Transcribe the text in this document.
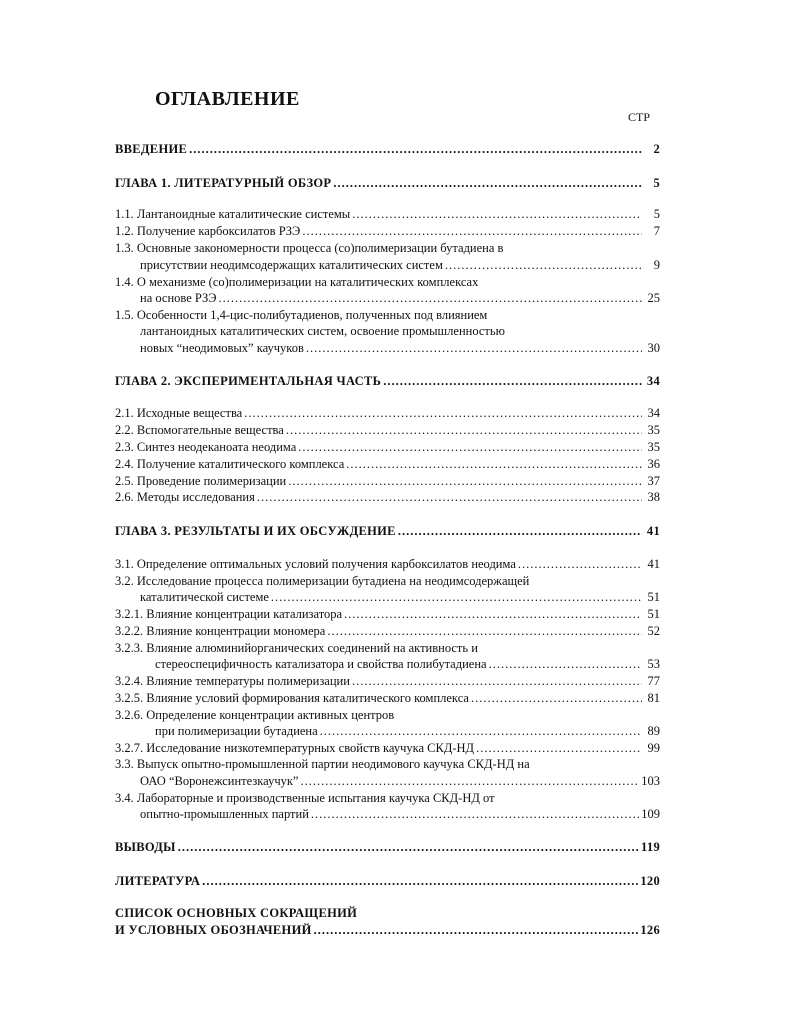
ОГЛАВЛЕНИЕ
СТР
ВВЕДЕНИЕ .....	2
ГЛАВА 1. ЛИТЕРАТУРНЫЙ ОБЗОР .....	5
1.1. Лантаноидные каталитические системы .....	5
1.2. Получение карбоксилатов РЗЭ .....	7
1.3. Основные закономерности процесса (со)полимеризации бутадиена в
присутствии неодимсодержащих каталитических систем .....	9
1.4. О механизме (со)полимеризации на каталитических комплексах
на основе РЗЭ .....	25
1.5. Особенности 1,4-цис-полибутадиенов, полученных под влиянием
лантаноидных каталитических систем, освоение промышленностью
новых “неодимовых” каучуков .....	30
ГЛАВА 2. ЭКСПЕРИМЕНТАЛЬНАЯ ЧАСТЬ .....	34
2.1. Исходные вещества .....	34
2.2. Вспомогательные вещества .....	35
2.3. Синтез неодеканоата неодима .....	35
2.4. Получение каталитического комплекса .....	36
2.5. Проведение полимеризации .....	37
2.6. Методы исследования .....	38
ГЛАВА 3. РЕЗУЛЬТАТЫ И ИХ ОБСУЖДЕНИЕ .....	41
3.1. Определение оптимальных условий получения карбоксилатов неодима .....	41
3.2. Исследование процесса полимеризации бутадиена на неодимсодержащей
каталитической системе .....	51
3.2.1. Влияние концентрации катализатора .....	51
3.2.2. Влияние концентрации мономера .....	52
3.2.3. Влияние алюминийорганических соединений на активность и
стереоспецифичность катализатора и свойства полибутадиена .....	53
3.2.4. Влияние температуры полимеризации .....	77
3.2.5. Влияние условий формирования каталитического комплекса .....	81
3.2.6. Определение концентрации активных центров
при полимеризации бутадиена .....	89
3.2.7. Исследование низкотемпературных свойств каучука СКД-НД .....	99
3.3. Выпуск опытно-промышленной партии неодимового каучука СКД-НД на
ОАО “Воронежсинтезкаучук” .....	103
3.4. Лабораторные и производственные испытания каучука СКД-НД от
опытно-промышленных партий .....	109
ВЫВОДЫ .....	119
ЛИТЕРАТУРА .....	120
СПИСОК ОСНОВНЫХ СОКРАЩЕНИЙ
И УСЛОВНЫХ ОБОЗНАЧЕНИЙ .....	126
